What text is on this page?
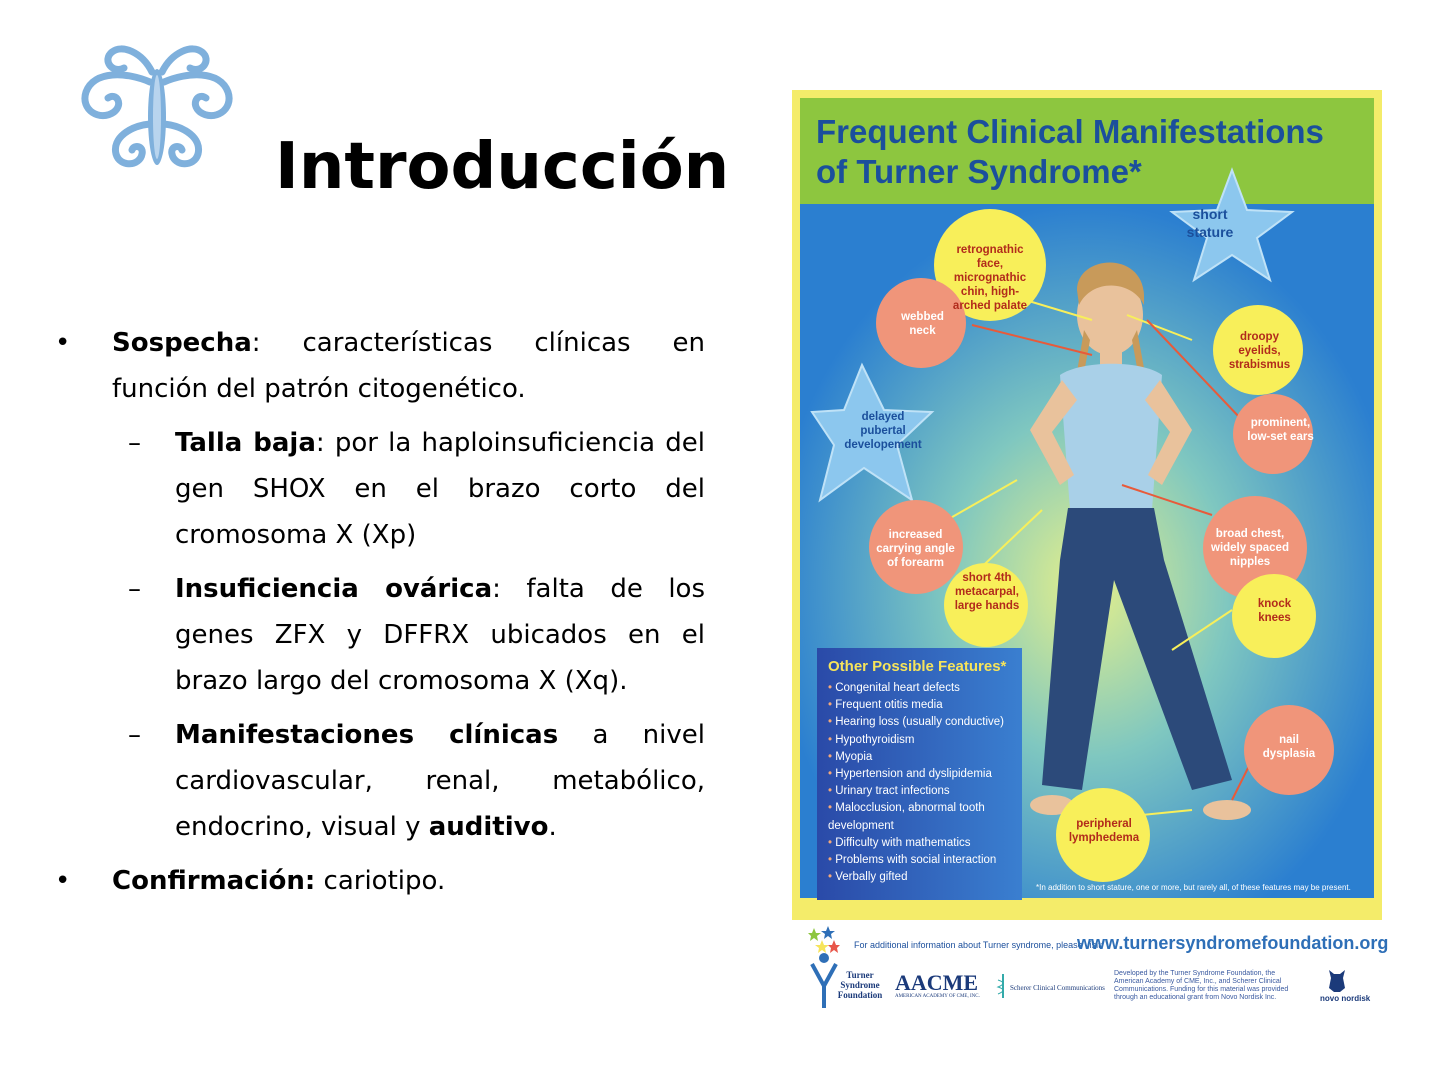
Introducción
• Sospecha: características clínicas en función del patrón citogenético.
– Talla baja: por la haploinsuficiencia del gen SHOX en el brazo corto del cromosoma X (Xp)
– Insuficiencia ovárica: falta de los genes ZFX y DFFRX ubicados en el brazo largo del cromosoma X (Xq).
– Manifestaciones clínicas a nivel cardiovascular, renal, metabólico, endocrino, visual y auditivo.
• Confirmación: cariotipo.
Frequent Clinical Manifestations
of Turner Syndrome*
short stature
retrognathic face, micrognathic chin, high-arched palate
webbed neck	droopy eyelids, strabismus
delayed pubertal developement
prominent, low-set ears
increased carrying angle of forearm
broad chest, widely spaced nipples
short 4th metacarpal, large hands	knock knees
nail dysplasia
peripheral lymphedema
Other Possible Features*
• Congenital heart defects
• Frequent otitis media
• Hearing loss (usually conductive)
• Hypothyroidism
• Myopia
• Hypertension and dyslipidemia
• Urinary tract infections
• Malocclusion, abnormal tooth development
• Difficulty with mathematics
• Problems with social interaction
• Verbally gifted
*In addition to short stature, one or more, but rarely all, of these features may be present.
For additional information about Turner syndrome, please visit:
www.turnersyndromefoundation.org
Turner Syndrome Foundation AACME
AMERICAN ACADEMY OF CME, INC.
Scherer Clinical Communications
Developed by the Turner Syndrome Foundation, the American Academy of CME, Inc., and Scherer Clinical Communications. Funding for this material was provided through an educational grant from Novo Nordisk Inc.	novo nordisk
